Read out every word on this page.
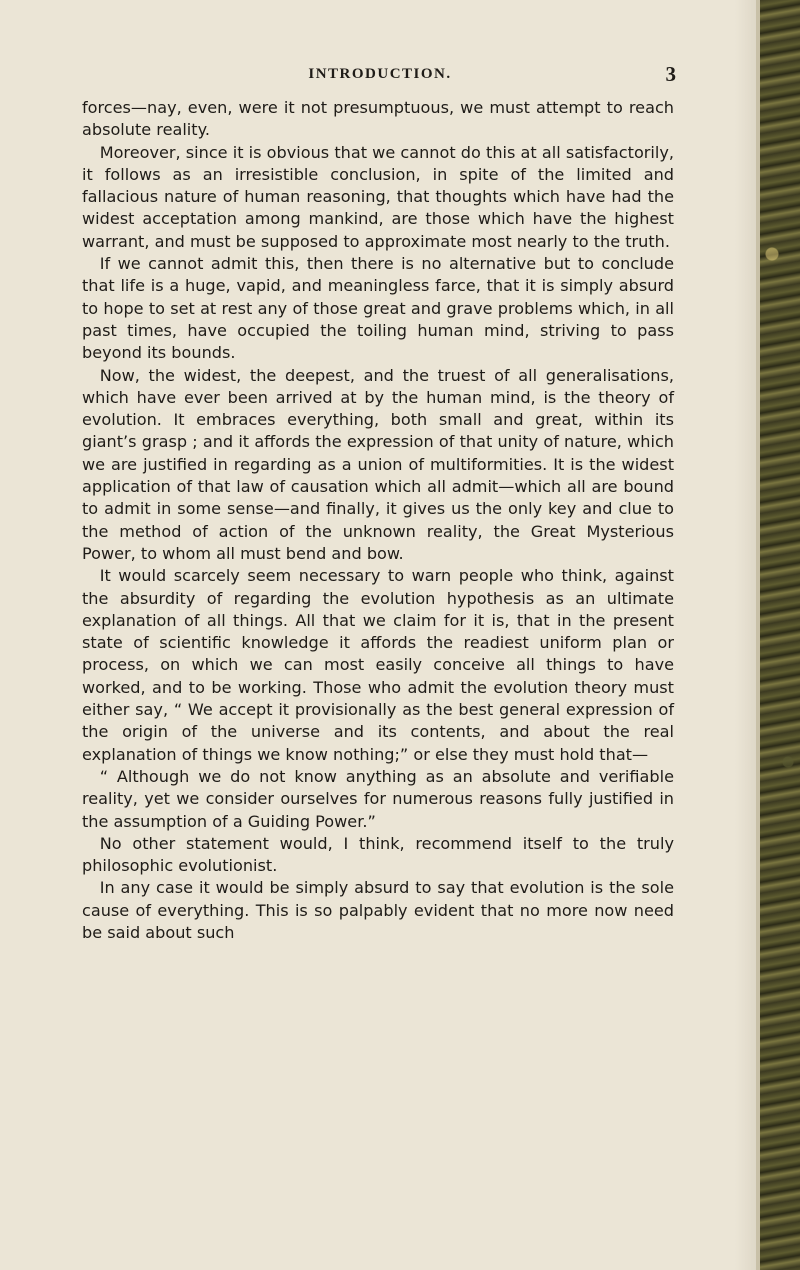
INTRODUCTION.	3

forces—nay, even, were it not presumptuous, we must attempt to reach absolute reality.

Moreover, since it is obvious that we cannot do this at all satisfactorily, it follows as an irresistible conclusion, in spite of the limited and fallacious nature of human reasoning, that thoughts which have had the widest acceptation among mankind, are those which have the highest warrant, and must be supposed to approximate most nearly to the truth.

If we cannot admit this, then there is no alternative but to conclude that life is a huge, vapid, and meaningless farce, that it is simply absurd to hope to set at rest any of those great and grave problems which, in all past times, have occupied the toiling human mind, striving to pass beyond its bounds.

Now, the widest, the deepest, and the truest of all generalisations, which have ever been arrived at by the human mind, is the theory of evolution. It embraces everything, both small and great, within its giant’s grasp ; and it affords the expression of that unity of nature, which we are justified in regarding as a union of multiformities. It is the widest application of that law of causation which all admit—which all are bound to admit in some sense—and finally, it gives us the only key and clue to the method of action of the unknown reality, the Great Mysterious Power, to whom all must bend and bow.

It would scarcely seem necessary to warn people who think, against the absurdity of regarding the evolution hypothesis as an ultimate explanation of all things. All that we claim for it is, that in the present state of scientific knowledge it affords the readiest uniform plan or process, on which we can most easily conceive all things to have worked, and to be working. Those who admit the evolution theory must either say, “ We accept it provisionally as the best general expression of the origin of the universe and its contents, and about the real explanation of things we know nothing;” or else they must hold that—

“ Although we do not know anything as an absolute and verifiable reality, yet we consider ourselves for numerous reasons fully justified in the assumption of a Guiding Power.”

No other statement would, I think, recommend itself to the truly philosophic evolutionist.

In any case it would be simply absurd to say that evolution is the sole cause of everything. This is so palpably evident that no more now need be said about such
